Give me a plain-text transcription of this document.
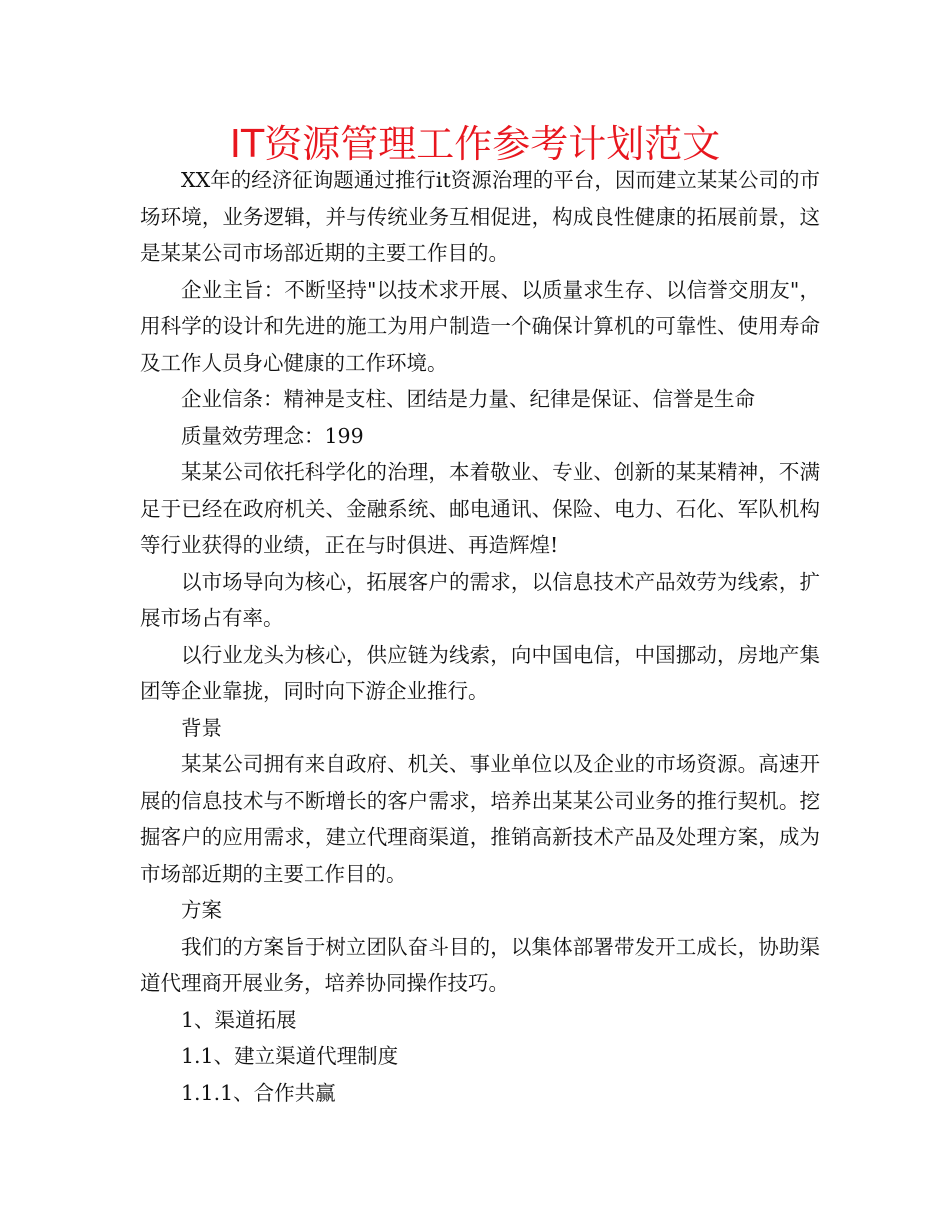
IT资源管理工作参考计划范文

XX年的经济征询题通过推行it资源治理的平台，因而建立某某公司的市场环境，业务逻辑，并与传统业务互相促进，构成良性健康的拓展前景，这是某某公司市场部近期的主要工作目的。

企业主旨：不断坚持"以技术求开展、以质量求生存、以信誉交朋友"，用科学的设计和先进的施工为用户制造一个确保计算机的可靠性、使用寿命及工作人员身心健康的工作环境。

企业信条：精神是支柱、团结是力量、纪律是保证、信誉是生命

质量效劳理念：199

某某公司依托科学化的治理，本着敬业、专业、创新的某某精神，不满足于已经在政府机关、金融系统、邮电通讯、保险、电力、石化、军队机构等行业获得的业绩，正在与时俱进、再造辉煌!

以市场导向为核心，拓展客户的需求，以信息技术产品效劳为线索，扩展市场占有率。

以行业龙头为核心，供应链为线索，向中国电信，中国挪动，房地产集团等企业靠拢，同时向下游企业推行。

背景

某某公司拥有来自政府、机关、事业单位以及企业的市场资源。高速开展的信息技术与不断增长的客户需求，培养出某某公司业务的推行契机。挖掘客户的应用需求，建立代理商渠道，推销高新技术产品及处理方案，成为市场部近期的主要工作目的。

方案

我们的方案旨于树立团队奋斗目的，以集体部署带发开工成长，协助渠道代理商开展业务，培养协同操作技巧。

1、渠道拓展

1.1、建立渠道代理制度

1.1.1、合作共赢
